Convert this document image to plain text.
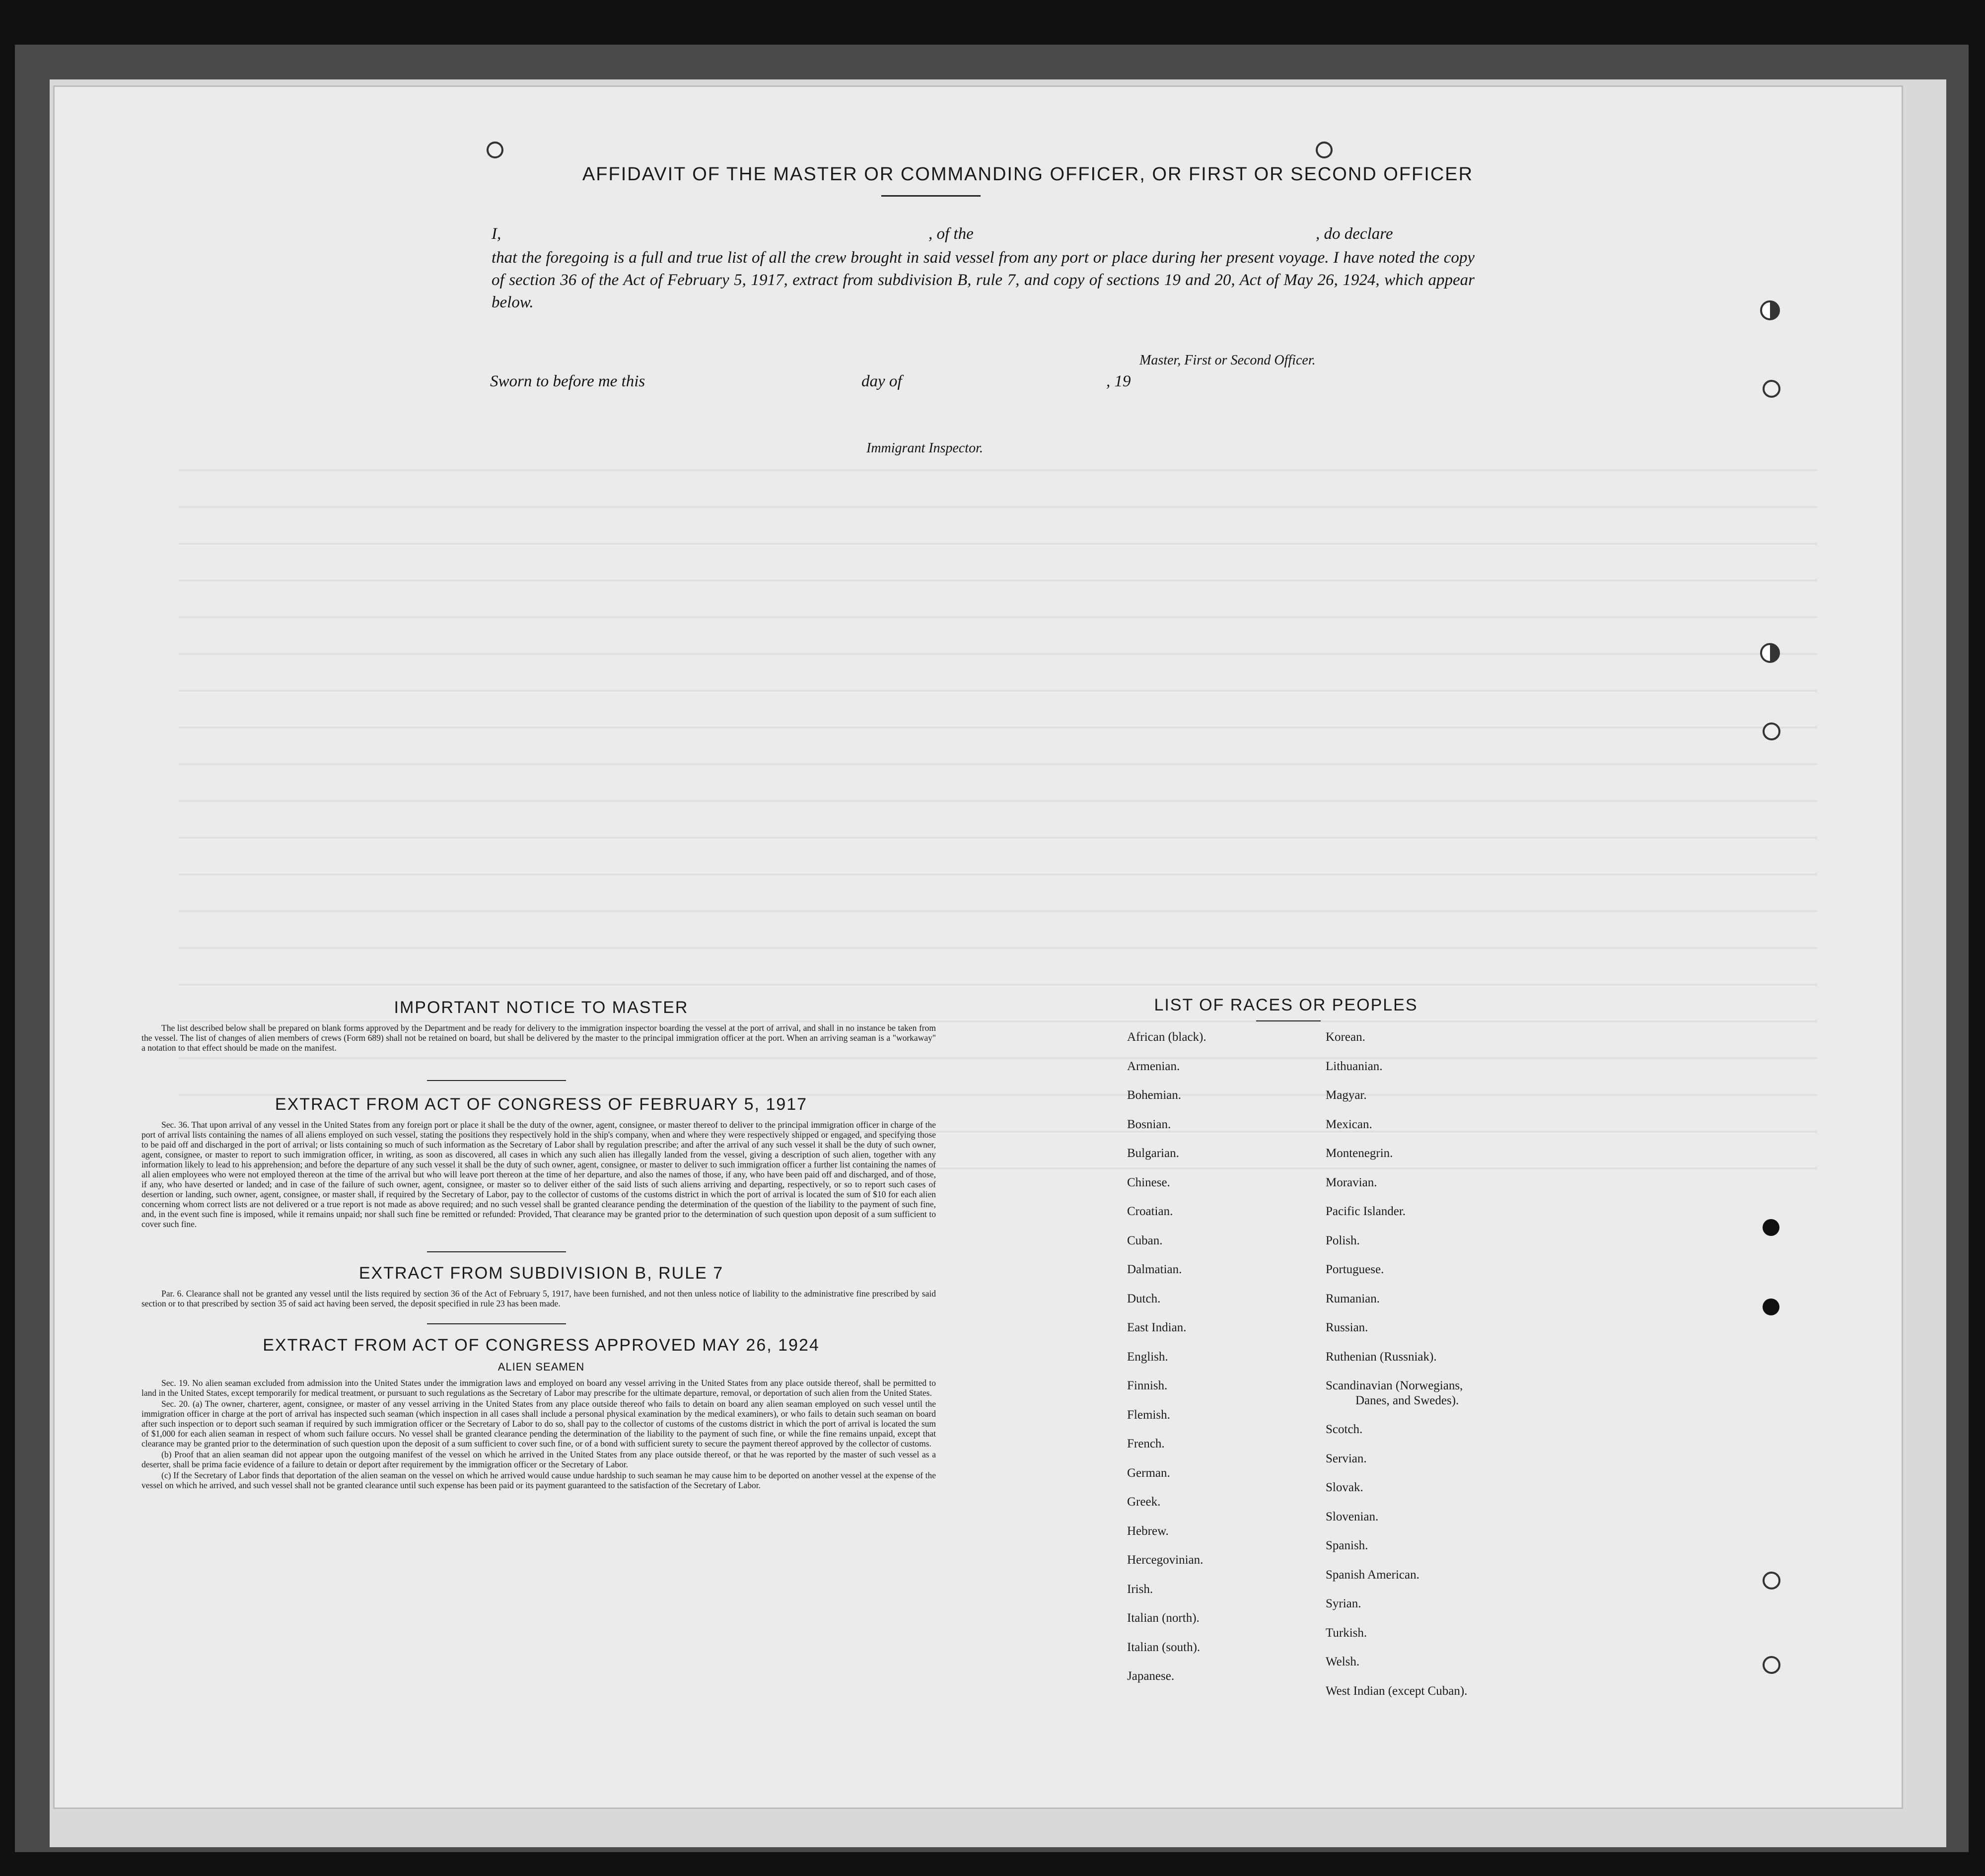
AFFIDAVIT OF THE MASTER OR COMMANDING OFFICER, OR FIRST OR SECOND OFFICER
I,	, of the	, do declare
that the foregoing is a full and true list of all the crew brought in said vessel from any port or place during her present voyage. I have noted the copy of section 36 of the Act of February 5, 1917, extract from subdivision B, rule 7, and copy of sections 19 and 20, Act of May 26, 1924, which appear below.
Master, First or Second Officer.
Sworn to before me this	day of	, 19
Immigrant Inspector.
IMPORTANT NOTICE TO MASTER

The list described below shall be prepared on blank forms approved by the Department and be ready for delivery to the immigration inspector boarding the vessel at the port of arrival, and shall in no instance be taken from the vessel. The list of changes of alien members of crews (Form 689) shall not be retained on board, but shall be delivered by the master to the principal immigration officer at the port. When an arriving seaman is a "workaway" a notation to that effect should be made on the manifest.

EXTRACT FROM ACT OF CONGRESS OF FEBRUARY 5, 1917

Sec. 36. That upon arrival of any vessel in the United States from any foreign port or place it shall be the duty of the owner, agent, consignee, or master thereof to deliver to the principal immigration officer in charge of the port of arrival lists containing the names of all aliens employed on such vessel, stating the positions they respectively hold in the ship's company, when and where they were respectively shipped or engaged, and specifying those to be paid off and discharged in the port of arrival; or lists containing so much of such information as the Secretary of Labor shall by regulation prescribe; and after the arrival of any such vessel it shall be the duty of such owner, agent, consignee, or master to report to such immigration officer, in writing, as soon as discovered, all cases in which any such alien has illegally landed from the vessel, giving a description of such alien, together with any information likely to lead to his apprehension; and before the departure of any such vessel it shall be the duty of such owner, agent, consignee, or master to deliver to such immigration officer a further list containing the names of all alien employees who were not employed thereon at the time of the arrival but who will leave port thereon at the time of her departure, and also the names of those, if any, who have been paid off and discharged, and of those, if any, who have deserted or landed; and in case of the failure of such owner, agent, consignee, or master so to deliver either of the said lists of such aliens arriving and departing, respectively, or so to report such cases of desertion or landing, such owner, agent, consignee, or master shall, if required by the Secretary of Labor, pay to the collector of customs of the customs district in which the port of arrival is located the sum of $10 for each alien concerning whom correct lists are not delivered or a true report is not made as above required; and no such vessel shall be granted clearance pending the determination of the question of the liability to the payment of such fine, and, in the event such fine is imposed, while it remains unpaid; nor shall such fine be remitted or refunded: Provided, That clearance may be granted prior to the determination of such question upon deposit of a sum sufficient to cover such fine.

EXTRACT FROM SUBDIVISION B, RULE 7

Par. 6. Clearance shall not be granted any vessel until the lists required by section 36 of the Act of February 5, 1917, have been furnished, and not then unless notice of liability to the administrative fine prescribed by said section or to that prescribed by section 35 of said act having been served, the deposit specified in rule 23 has been made.

EXTRACT FROM ACT OF CONGRESS APPROVED MAY 26, 1924
ALIEN SEAMEN

Sec. 19. No alien seaman excluded from admission into the United States under the immigration laws and employed on board any vessel arriving in the United States from any place outside thereof, shall be permitted to land in the United States, except temporarily for medical treatment, or pursuant to such regulations as the Secretary of Labor may prescribe for the ultimate departure, removal, or deportation of such alien from the United States.

Sec. 20. (a) The owner, charterer, agent, consignee, or master of any vessel arriving in the United States from any place outside thereof who fails to detain on board any alien seaman employed on such vessel until the immigration officer in charge at the port of arrival has inspected such seaman (which inspection in all cases shall include a personal physical examination by the medical examiners), or who fails to detain such seaman on board after such inspection or to deport such seaman if required by such immigration officer or the Secretary of Labor to do so, shall pay to the collector of customs of the customs district in which the port of arrival is located the sum of $1,000 for each alien seaman in respect of whom such failure occurs. No vessel shall be granted clearance pending the determination of the liability to the payment of such fine, or while the fine remains unpaid, except that clearance may be granted prior to the determination of such question upon the deposit of a sum sufficient to cover such fine, or of a bond with sufficient surety to secure the payment thereof approved by the collector of customs.

(b) Proof that an alien seaman did not appear upon the outgoing manifest of the vessel on which he arrived in the United States from any place outside thereof, or that he was reported by the master of such vessel as a deserter, shall be prima facie evidence of a failure to detain or deport after requirement by the immigration officer or the Secretary of Labor.

(c) If the Secretary of Labor finds that deportation of the alien seaman on the vessel on which he arrived would cause undue hardship to such seaman he may cause him to be deported on another vessel at the expense of the vessel on which he arrived, and such vessel shall not be granted clearance until such expense has been paid or its payment guaranteed to the satisfaction of the Secretary of Labor.

LIST OF RACES OR PEOPLES
African (black).
Armenian.
Bohemian.
Bosnian.
Bulgarian.
Chinese.
Croatian.
Cuban.
Dalmatian.
Dutch.
East Indian.
English.
Finnish.
Flemish.
French.
German.
Greek.
Hebrew.
Hercegovinian.
Irish.
Italian (north).
Italian (south).
Japanese.
Korean.
Lithuanian.
Magyar.
Mexican.
Montenegrin.
Moravian.
Pacific Islander.
Polish.
Portuguese.
Rumanian.
Russian.
Ruthenian (Russniak).
Scandinavian (Norwegians,
Danes, and Swedes).
Scotch.
Servian.
Slovak.
Slovenian.
Spanish.
Spanish American.
Syrian.
Turkish.
Welsh.
West Indian (except Cuban).
